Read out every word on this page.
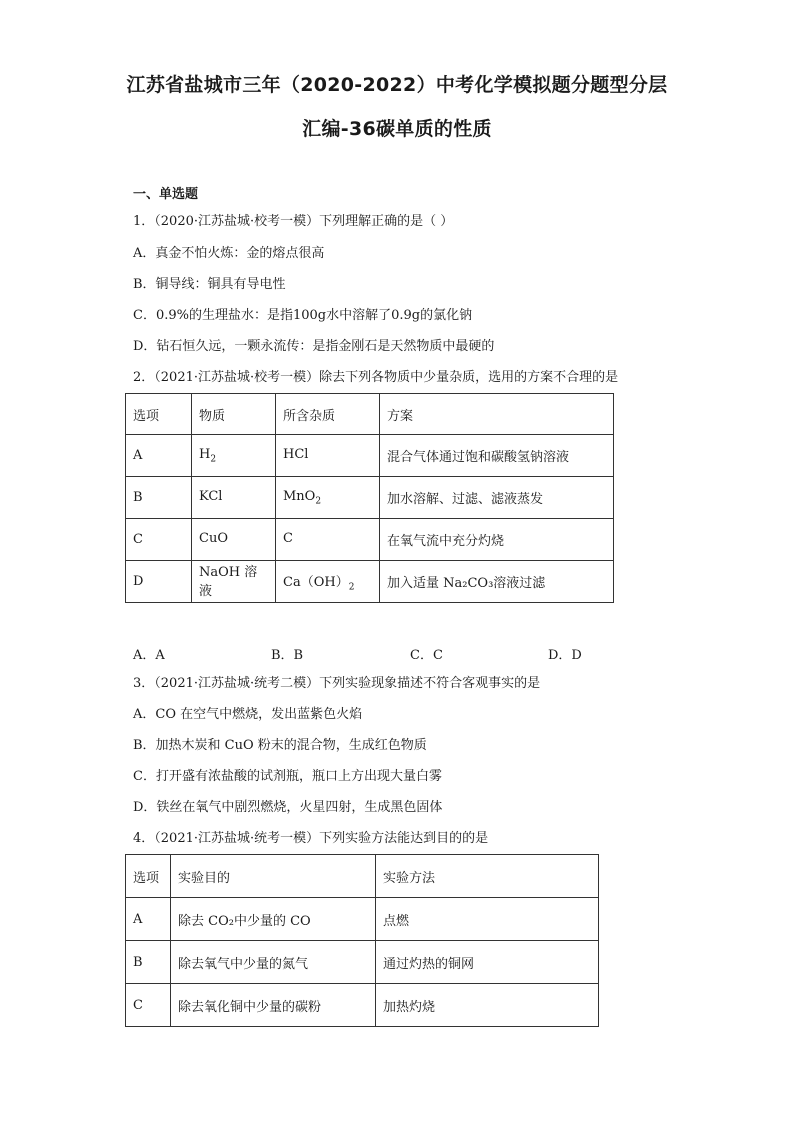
江苏省盐城市三年（2020-2022）中考化学模拟题分题型分层
汇编-36碳单质的性质
一、单选题
1．（2020·江苏盐城·校考一模）下列理解正确的是（ ）
A．真金不怕火炼：金的熔点很高
B．铜导线：铜具有导电性
C．0.9%的生理盐水：是指100g水中溶解了0.9g的氯化钠
D．钻石恒久远，一颗永流传：是指金刚石是天然物质中最硬的
2．（2021·江苏盐城·校考一模）除去下列各物质中少量杂质，选用的方案不合理的是
选项	物质	所含杂质	方案
A	$H_2$	HCl	混合气体通过饱和碳酸氢钠溶液
B	KCl	MnO$_2$	加水溶解、过滤、滤液蒸发
C	CuO	C	在氧气流中充分灼烧
D	NaOH 溶液	$Ca(OH)_2$	加入适量 Na₂CO₃溶液过滤
A．A	B．B	C．C	D．D
3．（2021·江苏盐城·统考二模）下列实验现象描述不符合客观事实的是
A．CO 在空气中燃烧，发出蓝紫色火焰
B．加热木炭和 CuO 粉末的混合物，生成红色物质
C．打开盛有浓盐酸的试剂瓶，瓶口上方出现大量白雾
D．铁丝在氧气中剧烈燃烧，火星四射，生成黑色固体
4．（2021·江苏盐城·统考一模）下列实验方法能达到目的的是
选项	实验目的	实验方法
A	除去 CO₂中少量的 CO	点燃
B	除去氧气中少量的氮气	通过灼热的铜网
C	除去氧化铜中少量的碳粉	加热灼烧
